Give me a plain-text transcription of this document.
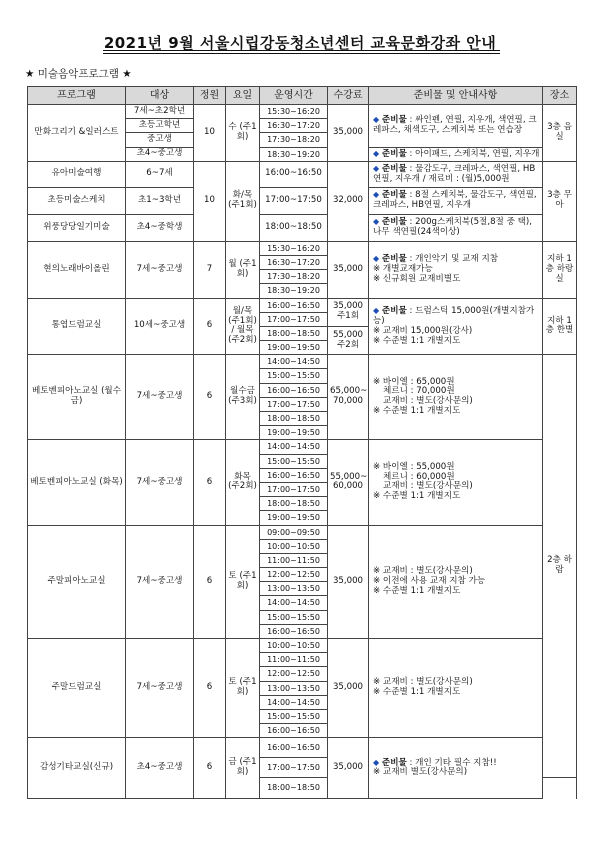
2021년 9월 서울시립강동청소년센터 교육문화강좌 안내
★ 미술음악프로그램 ★
프로그램	대상	정원	요일	운영시간	수강료	준비물 및 안내사항	장소	
만화그리기 &일러스트	7세~초2학년	10	수 (주1회)	15:30~16:20	35,000	◆ 준비물 : 싸인펜, 연필, 지우개, 색연필, 크레파스, 채색도구, 스케치북 또는 연습장	3층 음실	
	초등고학년			16:30~17:20				
	중고생			17:30~18:20				
	초4~중고생			18:30~19:20		◆ 준비물 : 아이패드, 스케치북, 연필, 지우개		
유아미술여행	6~7세	10	화/목 (주1회)	16:00~16:50	32,000	◆ 준비물 : 물감도구, 크레파스, 색연필, HB연필, 지우개 / 재료비 : (월)5,000원	3층 무아	
초등미술스케치	초1~3학년			17:00~17:50		◆ 준비물 : 8절 스케치북, 물감도구, 색연필, 크레파스, HB연필, 지우개		
위풍당당일기미술	초4~중학생			18:00~18:50		◆ 준비물 : 200g스케치북(5절,8절 중 택), 나무 색연필(24색이상)		
현의노래바이올린	7세~중고생	7	월 (주1회)	15:30~16:20	35,000	◆ 준비물 : 개인악기 및 교재 지참
※ 개별교재가능
※ 신규회원 교재비별도	지하 1층 하랑실	
				16:30~17:20				
				17:30~18:20				
				18:30~19:20				
통엽드럼교실	10세~중고생	6	월/목 (주1회) / 월목 (주2회)	16:00~16:50	35,000 주1회	◆ 준비물 : 드럼스틱 15,000원(개별지참가능)
※ 교재비 15,000원(강사)
※ 수준별 1:1 개별지도	지하 1층 한별	
				17:00~17:50				
				18:00~18:50	55,000 주2회			
				19:00~19:50				
베토벤피아노교실 (월수금)	7세~중고생	6	월수금 (주3회)	14:00~14:50	65,000~ 70,000	※ 바이엘 : 65,000원
체르니 : 70,000원
교재비 : 별도(강사문의)
※ 수준별 1:1 개별지도	2층 하람	
				15:00~15:50				
				16:00~16:50				
				17:00~17:50				
				18:00~18:50				
				19:00~19:50				
베토벤피아노교실 (화목)	7세~중고생	6	화목 (주2회)	14:00~14:50	55,000~ 60,000	※ 바이엘 : 55,000원
체르니 : 60,000원
교재비 : 별도(강사문의)
※ 수준별 1:1 개별지도		

				15:00~15:50				
				16:00~16:50				
				17:00~17:50				
				18:00~18:50				
				19:00~19:50				
주말피아노교실	7세~중고생	6	토 (주1회)	09:00~09:50	35,000	※ 교재비 : 별도(강사문의)
※ 이전에 사용 교재 지참 가능
※ 수준별 1:1 개별지도		

				10:00~10:50				
				11:00~11:50				
				12:00~12:50				
				13:00~13:50				
				14:00~14:50				
				15:00~15:50				
				16:00~16:50				
주말드럼교실	7세~중고생	6	토 (주1회)	10:00~10:50	35,000	※ 교재비 : 별도(강사문의)
※ 수준별 1:1 개별지도

				11:00~11:50				
				12:00~12:50				
				13:00~13:50				
				14:00~14:50				
				15:00~15:50				
				16:00~16:50				
감성기타교실(신규)	초4~중고생	6	금 (주1회)	16:00~16:50	35,000	◆ 준비물 : 개인 기타 필수 지참!!
※ 교재비 별도(강사문의)

				17:00~17:50				
				18:00~18:50				
